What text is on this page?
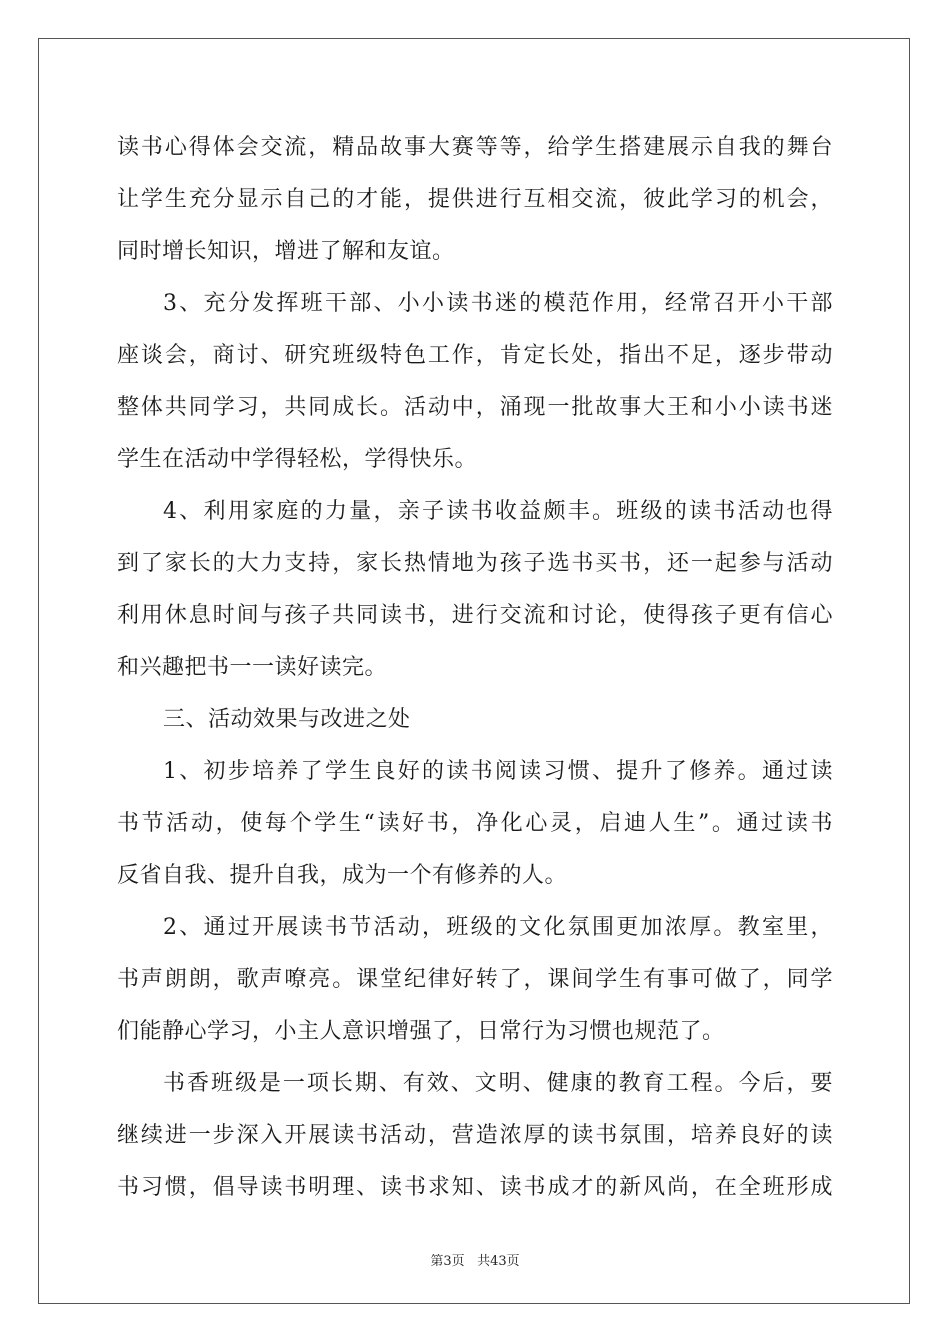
读书心得体会交流，精品故事大赛等等，给学生搭建展示自我的舞台
让学生充分显示自己的才能，提供进行互相交流，彼此学习的机会，
同时增长知识，增进了解和友谊。
3、充分发挥班干部、小小读书迷的模范作用，经常召开小干部
座谈会，商讨、研究班级特色工作，肯定长处，指出不足，逐步带动
整体共同学习，共同成长。活动中，涌现一批故事大王和小小读书迷
学生在活动中学得轻松，学得快乐。
4、利用家庭的力量，亲子读书收益颇丰。班级的读书活动也得
到了家长的大力支持，家长热情地为孩子选书买书，还一起参与活动
利用休息时间与孩子共同读书，进行交流和讨论，使得孩子更有信心
和兴趣把书一一读好读完。
三、活动效果与改进之处
1、初步培养了学生良好的读书阅读习惯、提升了修养。通过读
书节活动，使每个学生“读好书，净化心灵，启迪人生”。通过读书
反省自我、提升自我，成为一个有修养的人。
2、通过开展读书节活动，班级的文化氛围更加浓厚。教室里，
书声朗朗，歌声嘹亮。课堂纪律好转了，课间学生有事可做了，同学
们能静心学习，小主人意识增强了，日常行为习惯也规范了。
书香班级是一项长期、有效、文明、健康的教育工程。今后，要
继续进一步深入开展读书活动，营造浓厚的读书氛围，培养良好的读
书习惯，倡导读书明理、读书求知、读书成才的新风尚，在全班形成
第3页 共43页
